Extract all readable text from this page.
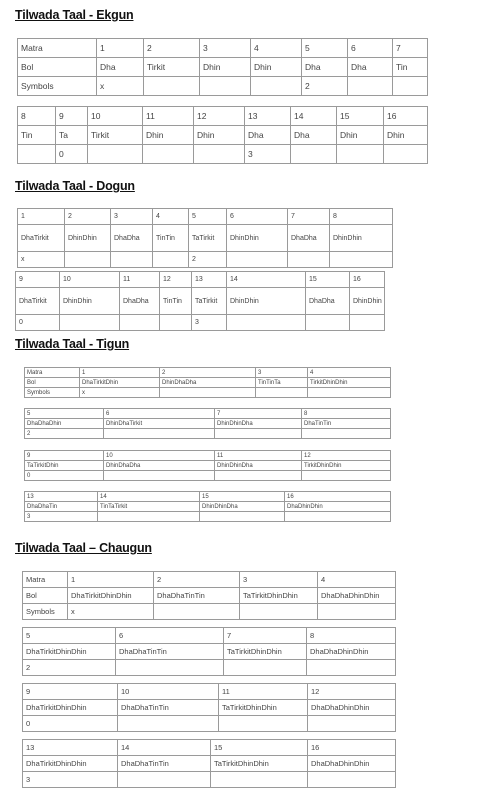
Tilwada Taal - Ekgun
Matra	1	2	3	4	5	6	7
Bol	Dha	Tirkit	Dhin	Dhin	Dha	Dha	Tin
Symbols	x				2		
8	9	10	11	12	13	14	15	16
Tin	Ta	Tirkit	Dhin	Dhin	Dha	Dha	Dhin	Dhin
	0				3			
Tilwada Taal - Dogun
1	2	3	4	5	6	7	8
DhaTirkit	DhinDhin	DhaDha	TinTin	TaTirkit	DhinDhin	DhaDha	DhinDhin
x				2			
9	10	11	12	13	14	15	16
DhaTirkit	DhinDhin	DhaDha	TinTin	TaTirkit	DhinDhin	DhaDha	DhinDhin
0				3			
Tilwada Taal - Tigun
Matra	1	2	3	4
Bol	DhaTirkitDhin	DhinDhaDha	TinTinTa	TirkitDhinDhin
Symbols	x			
5	6	7	8
DhaDhaDhin	DhinDhaTirkit	DhinDhinDha	DhaTinTin
2			
9	10	11	12
TaTirkitDhin	DhinDhaDha	DhinDhinDha	TirkitDhinDhin
0			
13	14	15	16
DhaDhaTin	TinTaTirkit	DhinDhinDha	DhaDhinDhin
3			
Tilwada Taal – Chaugun
Matra	1	2	3	4
Bol	DhaTirkitDhinDhin	DhaDhaTinTin	TaTirkitDhinDhin	DhaDhaDhinDhin
Symbols	x			
5	6	7	8
DhaTirkitDhinDhin	DhaDhaTinTin	TaTirkitDhinDhin	DhaDhaDhinDhin
2			
9	10	11	12
DhaTirkitDhinDhin	DhaDhaTinTin	TaTirkitDhinDhin	DhaDhaDhinDhin
0			
13	14	15	16
DhaTirkitDhinDhin	DhaDhaTinTin	TaTirkitDhinDhin	DhaDhaDhinDhin
3			
